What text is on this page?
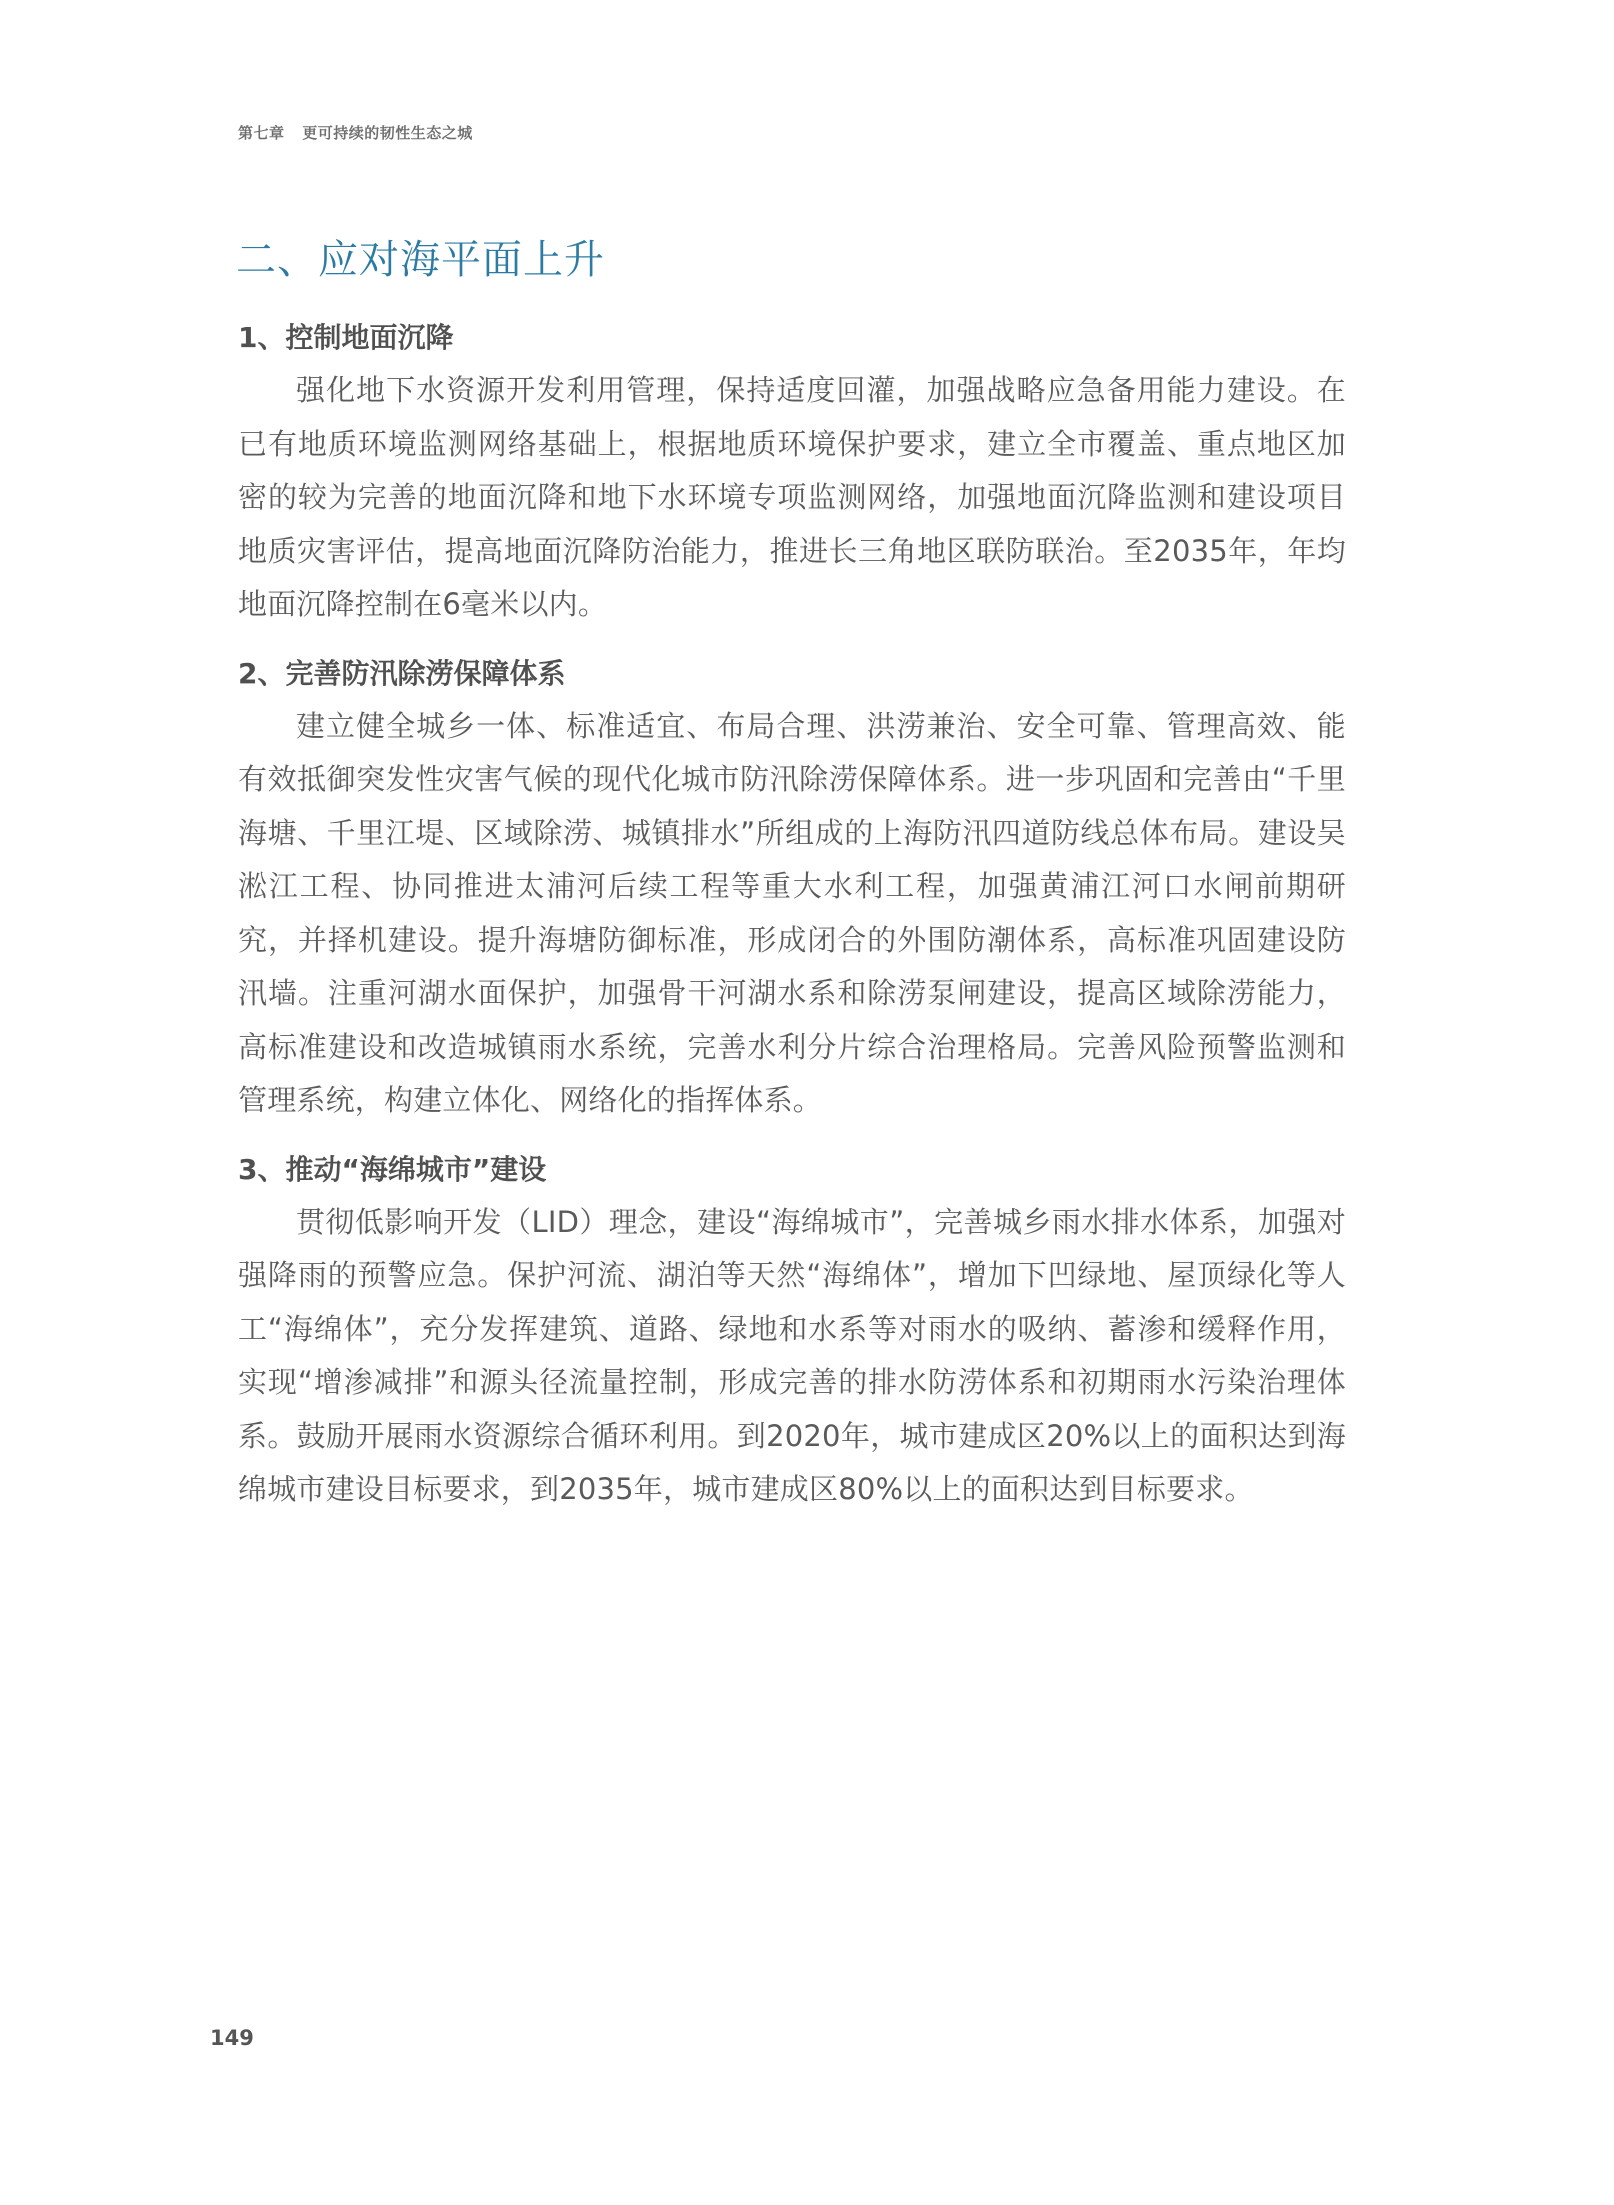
第七章 更可持续的韧性生态之城
二、应对海平面上升
1、控制地面沉降

强化地下水资源开发利用管理，保持适度回灌，加强战略应急备用能力建设。在已有地质环境监测网络基础上，根据地质环境保护要求，建立全市覆盖、重点地区加密的较为完善的地面沉降和地下水环境专项监测网络，加强地面沉降监测和建设项目地质灾害评估，提高地面沉降防治能力，推进长三角地区联防联治。至2035年，年均地面沉降控制在6毫米以内。

2、完善防汛除涝保障体系

建立健全城乡一体、标准适宜、布局合理、洪涝兼治、安全可靠、管理高效、能有效抵御突发性灾害气候的现代化城市防汛除涝保障体系。进一步巩固和完善由“千里海塘、千里江堤、区域除涝、城镇排水”所组成的上海防汛四道防线总体布局。建设吴淞江工程、协同推进太浦河后续工程等重大水利工程，加强黄浦江河口水闸前期研究，并择机建设。提升海塘防御标准，形成闭合的外围防潮体系，高标准巩固建设防汛墙。注重河湖水面保护，加强骨干河湖水系和除涝泵闸建设，提高区域除涝能力，高标准建设和改造城镇雨水系统，完善水利分片综合治理格局。完善风险预警监测和管理系统，构建立体化、网络化的指挥体系。

3、推动“海绵城市”建设

贯彻低影响开发（LID）理念，建设“海绵城市”，完善城乡雨水排水体系，加强对强降雨的预警应急。保护河流、湖泊等天然“海绵体”，增加下凹绿地、屋顶绿化等人工“海绵体”，充分发挥建筑、道路、绿地和水系等对雨水的吸纳、蓄渗和缓释作用，实现“增渗减排”和源头径流量控制，形成完善的排水防涝体系和初期雨水污染治理体系。鼓励开展雨水资源综合循环利用。到2020年，城市建成区20%以上的面积达到海绵城市建设目标要求，到2035年，城市建成区80%以上的面积达到目标要求。

149
